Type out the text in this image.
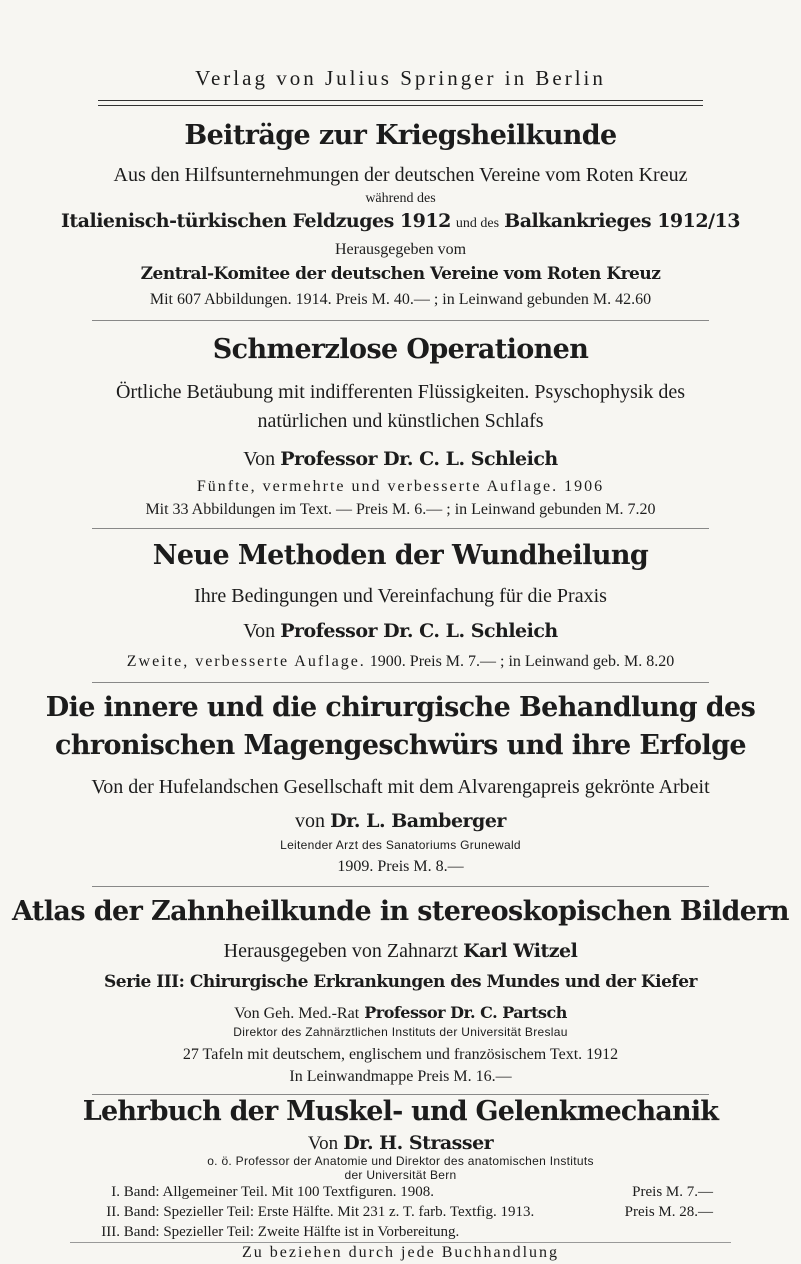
Verlag von Julius Springer in Berlin
Beiträge zur Kriegsheilkunde
Aus den Hilfsunternehmungen der deutschen Vereine vom Roten Kreuz
während des
Italienisch-türkischen Feldzuges 1912 und des Balkankrieges 1912/13
Herausgegeben vom
Zentral-Komitee der deutschen Vereine vom Roten Kreuz
Mit 607 Abbildungen. 1914. Preis M. 40.— ; in Leinwand gebunden M. 42.60
Schmerzlose Operationen
Örtliche Betäubung mit indifferenten Flüssigkeiten. Psyschophysik des
natürlichen und künstlichen Schlafs
Von Professor Dr. C. L. Schleich
Fünfte, vermehrte und verbesserte Auflage. 1906
Mit 33 Abbildungen im Text. — Preis M. 6.— ; in Leinwand gebunden M. 7.20
Neue Methoden der Wundheilung
Ihre Bedingungen und Vereinfachung für die Praxis
Von Professor Dr. C. L. Schleich
Zweite, verbesserte Auflage. 1900. Preis M. 7.— ; in Leinwand geb. M. 8.20
Die innere und die chirurgische Behandlung des
chronischen Magengeschwürs und ihre Erfolge
Von der Hufelandschen Gesellschaft mit dem Alvarengapreis gekrönte Arbeit
von Dr. L. Bamberger
Leitender Arzt des Sanatoriums Grunewald
1909. Preis M. 8.—
Atlas der Zahnheilkunde in stereoskopischen Bildern
Herausgegeben von Zahnarzt Karl Witzel
Serie III: Chirurgische Erkrankungen des Mundes und der Kiefer
Von Geh. Med.-Rat Professor Dr. C. Partsch
Direktor des Zahnärztlichen Instituts der Universität Breslau
27 Tafeln mit deutschem, englischem und französischem Text. 1912
In Leinwandmappe Preis M. 16.—
Lehrbuch der Muskel- und Gelenkmechanik
Von Dr. H. Strasser
o. ö. Professor der Anatomie und Direktor des anatomischen Instituts
der Universität Bern
I. Band: Allgemeiner Teil. Mit 100 Textfiguren. 1908.	Preis M. 7.—
II. Band: Spezieller Teil: Erste Hälfte. Mit 231 z. T. farb. Textfig. 1913.	Preis M. 28.—
III. Band: Spezieller Teil: Zweite Hälfte ist in Vorbereitung.
Zu beziehen durch jede Buchhandlung
